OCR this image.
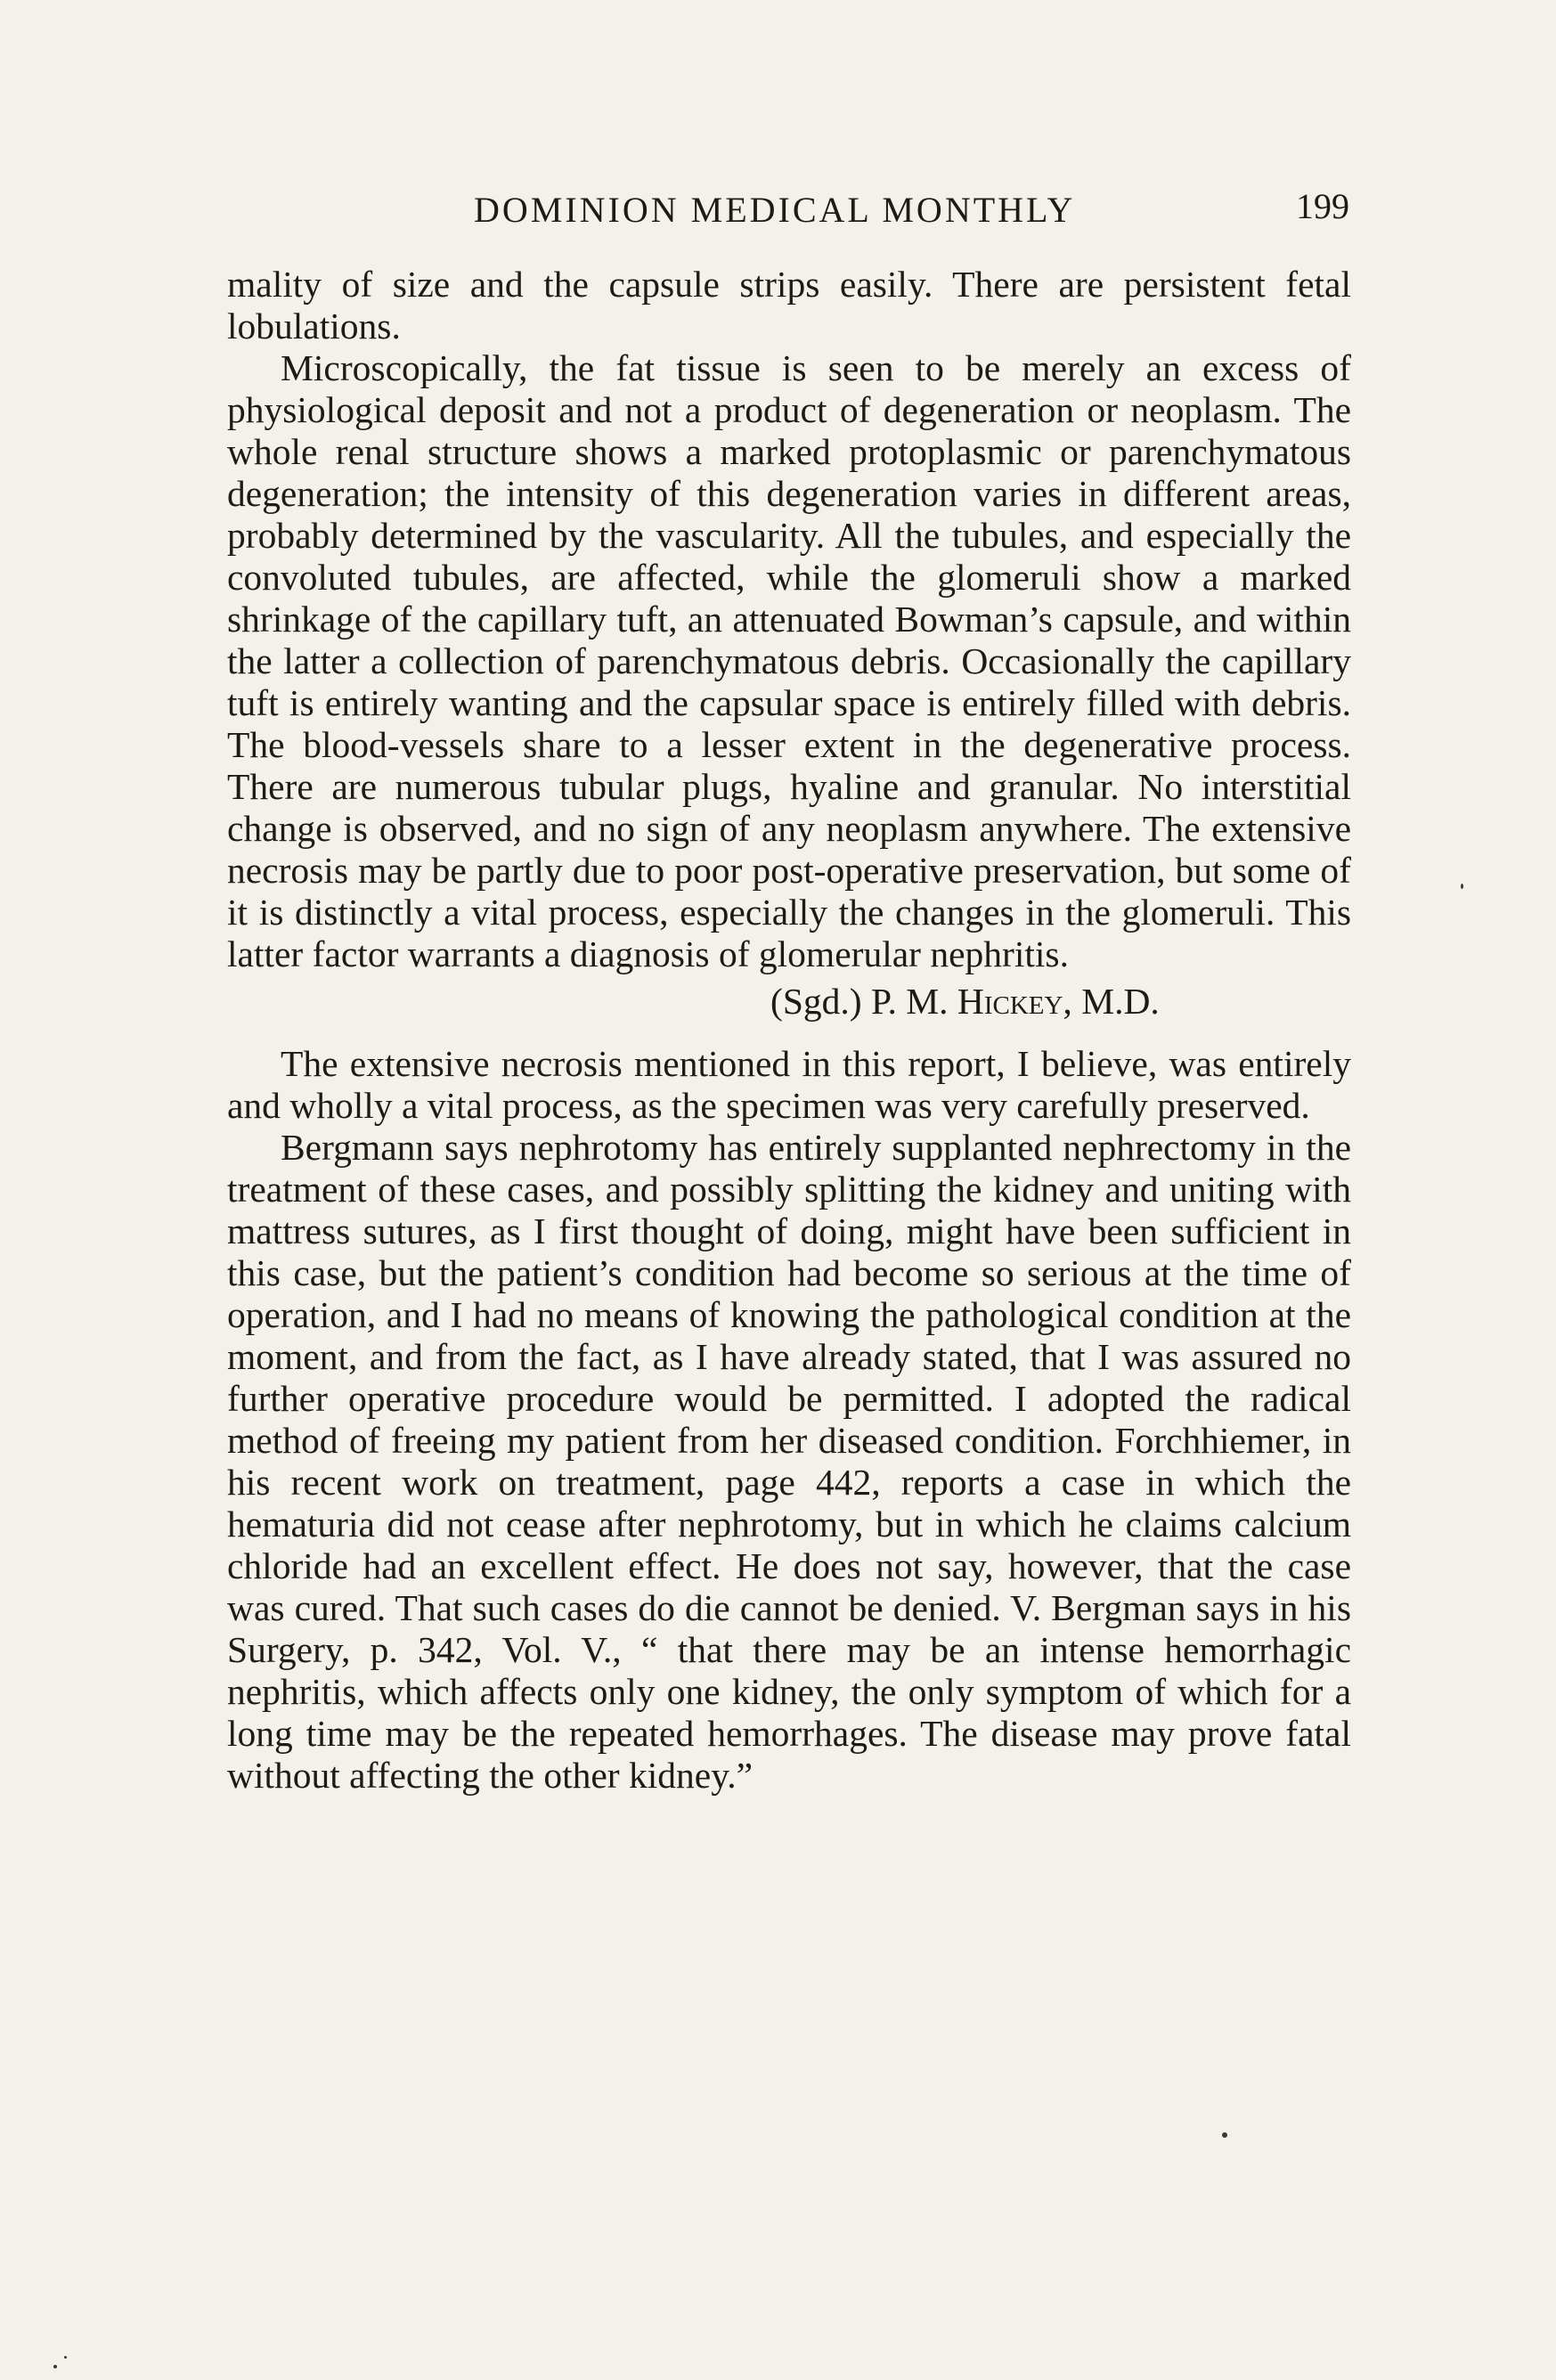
DOMINION MEDICAL MONTHLY	199

mality of size and the capsule strips easily. There are persistent fetal lobulations.

Microscopically, the fat tissue is seen to be merely an excess of physiological deposit and not a product of degeneration or neoplasm. The whole renal structure shows a marked protoplasmic or parenchymatous degeneration; the intensity of this degeneration varies in different areas, probably determined by the vascularity. All the tubules, and especially the convoluted tubules, are affected, while the glomeruli show a marked shrinkage of the capillary tuft, an attenuated Bowman’s capsule, and within the latter a collection of parenchymatous debris. Occasionally the capillary tuft is entirely wanting and the capsular space is entirely filled with debris. The blood-vessels share to a lesser extent in the degenerative process. There are numerous tubular plugs, hyaline and granular. No interstitial change is observed, and no sign of any neoplasm anywhere. The extensive necrosis may be partly due to poor post-operative preservation, but some of it is distinctly a vital process, especially the changes in the glomeruli. This latter factor warrants a diagnosis of glomerular nephritis.

(Sgd.) P. M. Hickey, M.D.

The extensive necrosis mentioned in this report, I believe, was entirely and wholly a vital process, as the specimen was very carefully preserved.

Bergmann says nephrotomy has entirely supplanted nephrectomy in the treatment of these cases, and possibly splitting the kidney and uniting with mattress sutures, as I first thought of doing, might have been sufficient in this case, but the patient’s condition had become so serious at the time of operation, and I had no means of knowing the pathological condition at the moment, and from the fact, as I have already stated, that I was assured no further operative procedure would be permitted. I adopted the radical method of freeing my patient from her diseased condition. Forchhiemer, in his recent work on treatment, page 442, reports a case in which the hematuria did not cease after nephrotomy, but in which he claims calcium chloride had an excellent effect. He does not say, however, that the case was cured. That such cases do die cannot be denied. V. Bergman says in his Surgery, p. 342, Vol. V., “ that there may be an intense hemorrhagic nephritis, which affects only one kidney, the only symptom of which for a long time may be the repeated hemorrhages. The disease may prove fatal without affecting the other kidney.”
